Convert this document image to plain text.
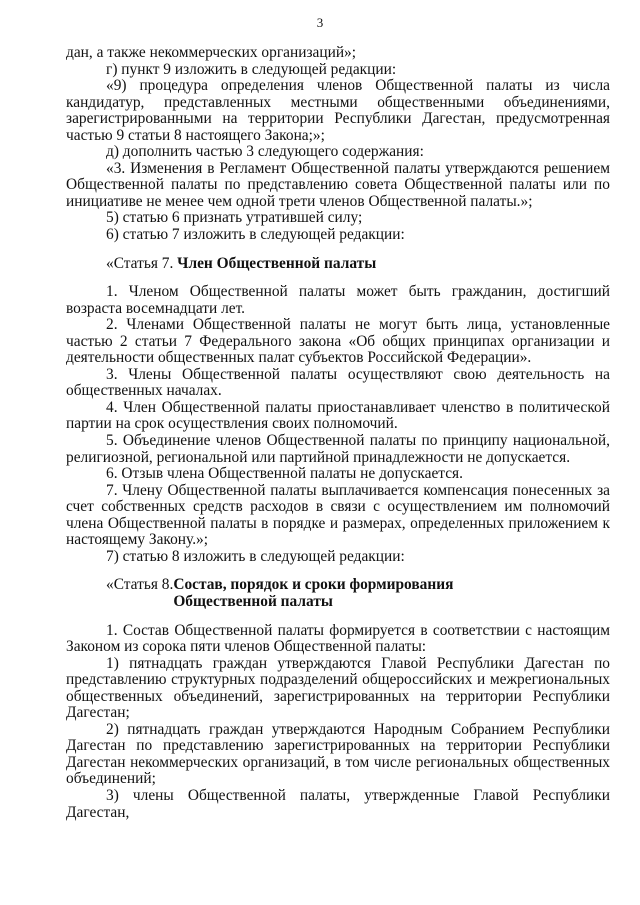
3

дан, а также некоммерческих организаций»;

г) пункт 9 изложить в следующей редакции:

«9) процедура определения членов Общественной палаты из числа кандидатур, представленных местными общественными объединениями, зарегистрированными на территории Республики Дагестан, предусмотренная частью 9 статьи 8 настоящего Закона;»;

д) дополнить частью 3 следующего содержания:

«3. Изменения в Регламент Общественной палаты утверждаются решением Общественной палаты по представлению совета Общественной палаты или по инициативе не менее чем одной трети членов Общественной палаты.»;

5) статью 6 признать утратившей силу;

6) статью 7 изложить в следующей редакции:

«Статья 7. Член Общественной палаты

1. Членом Общественной палаты может быть гражданин, достигший возраста восемнадцати лет.

2. Членами Общественной палаты не могут быть лица, установленные частью 2 статьи 7 Федерального закона «Об общих принципах организации и деятельности общественных палат субъектов Российской Федерации».

3. Члены Общественной палаты осуществляют свою деятельность на общественных началах.

4. Член Общественной палаты приостанавливает членство в политической партии на срок осуществления своих полномочий.

5. Объединение членов Общественной палаты по принципу национальной, религиозной, региональной или партийной принадлежности не допускается.

6. Отзыв члена Общественной палаты не допускается.

7. Члену Общественной палаты выплачивается компенсация понесенных за счет собственных средств расходов в связи с осуществлением им полномочий члена Общественной палаты в порядке и размерах, определенных приложением к настоящему Закону.»;

7) статью 8 изложить в следующей редакции:

«Статья 8.Состав, порядок и сроки формирования
Общественной палаты

1. Состав Общественной палаты формируется в соответствии с настоящим Законом из сорока пяти членов Общественной палаты:

1) пятнадцать граждан утверждаются Главой Республики Дагестан по представлению структурных подразделений общероссийских и межрегиональных общественных объединений, зарегистрированных на территории Республики Дагестан;

2) пятнадцать граждан утверждаются Народным Собранием Республики Дагестан по представлению зарегистрированных на территории Республики Дагестан некоммерческих организаций, в том числе региональных общественных объединений;

3) члены Общественной палаты, утвержденные Главой Республики Дагестан,
